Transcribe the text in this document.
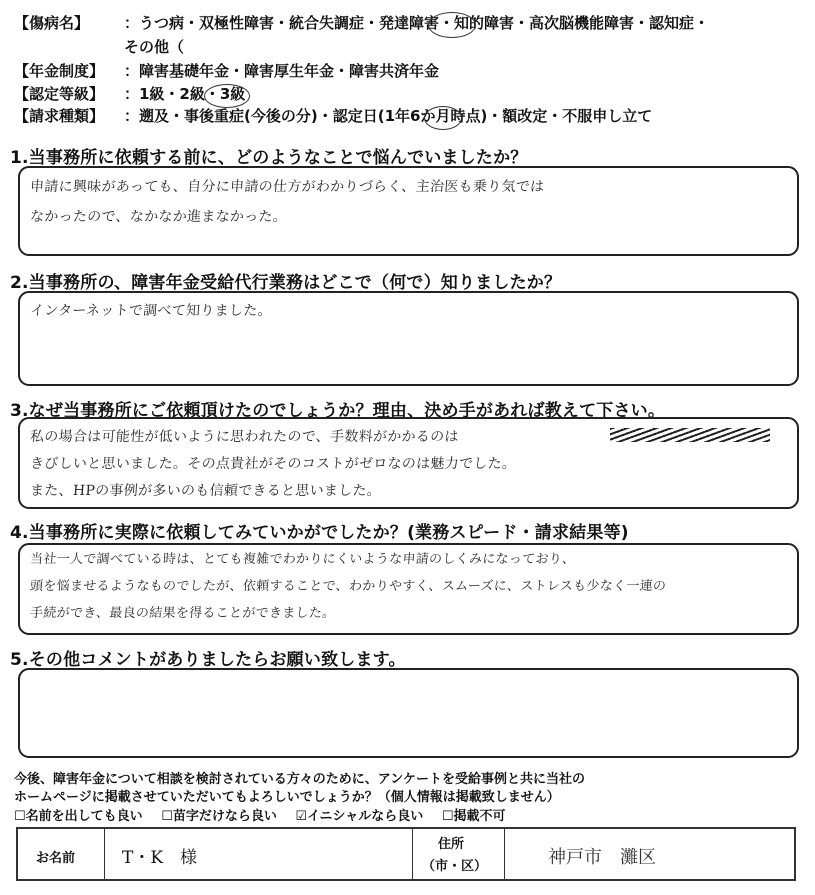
【傷病名】 ：うつ病・双極性障害・統合失調症・発達障害・知的障害・高次脳機能障害・認知症・
その他（
【年金制度】 ：障害基礎年金・障害厚生年金・障害共済年金
【認定等級】 ：1級・2級・3級
【請求種類】 ：遡及・事後重症(今後の分)・認定日(1年6か月時点)・額改定・不服申し立て
1.当事務所に依頼する前に、どのようなことで悩んでいましたか？
申請に興味があっても、自分に申請の仕方がわかりづらく、主治医も乗り気では
なかったので、なかなか進まなかった。
2.当事務所の、障害年金受給代行業務はどこで（何で）知りましたか？
インターネットで調べて知りました。
3.なぜ当事務所にご依頼頂けたのでしょうか？理由、決め手があれば教えて下さい。
私の場合は可能性が低いように思われたので、手数料がかかるのは
きびしいと思いました。その点貴社がそのコストがゼロなのは魅力でした。
また、HPの事例が多いのも信頼できると思いました。
4.当事務所に実際に依頼してみていかがでしたか？(業務スピード・請求結果等)
当社一人で調べている時は、とても複雑でわかりにくいような申請のしくみになっており、
頭を悩ませるようなものでしたが、依頼することで、わかりやすく、スムーズに、ストレスも少なく一連の
手続ができ、最良の結果を得ることができました。
5.その他コメントがありましたらお願い致します。
今後、障害年金について相談を検討されている方々のために、アンケートを受給事例と共に当社の
ホームページに掲載させていただいてもよろしいでしょうか？（個人情報は掲載致しません）
☐名前を出しても良い ☐苗字だけなら良い ☑イニシャルなら良い ☐掲載不可
お名前	T・K　様
住所
（市・区）	神戸市　灘区
